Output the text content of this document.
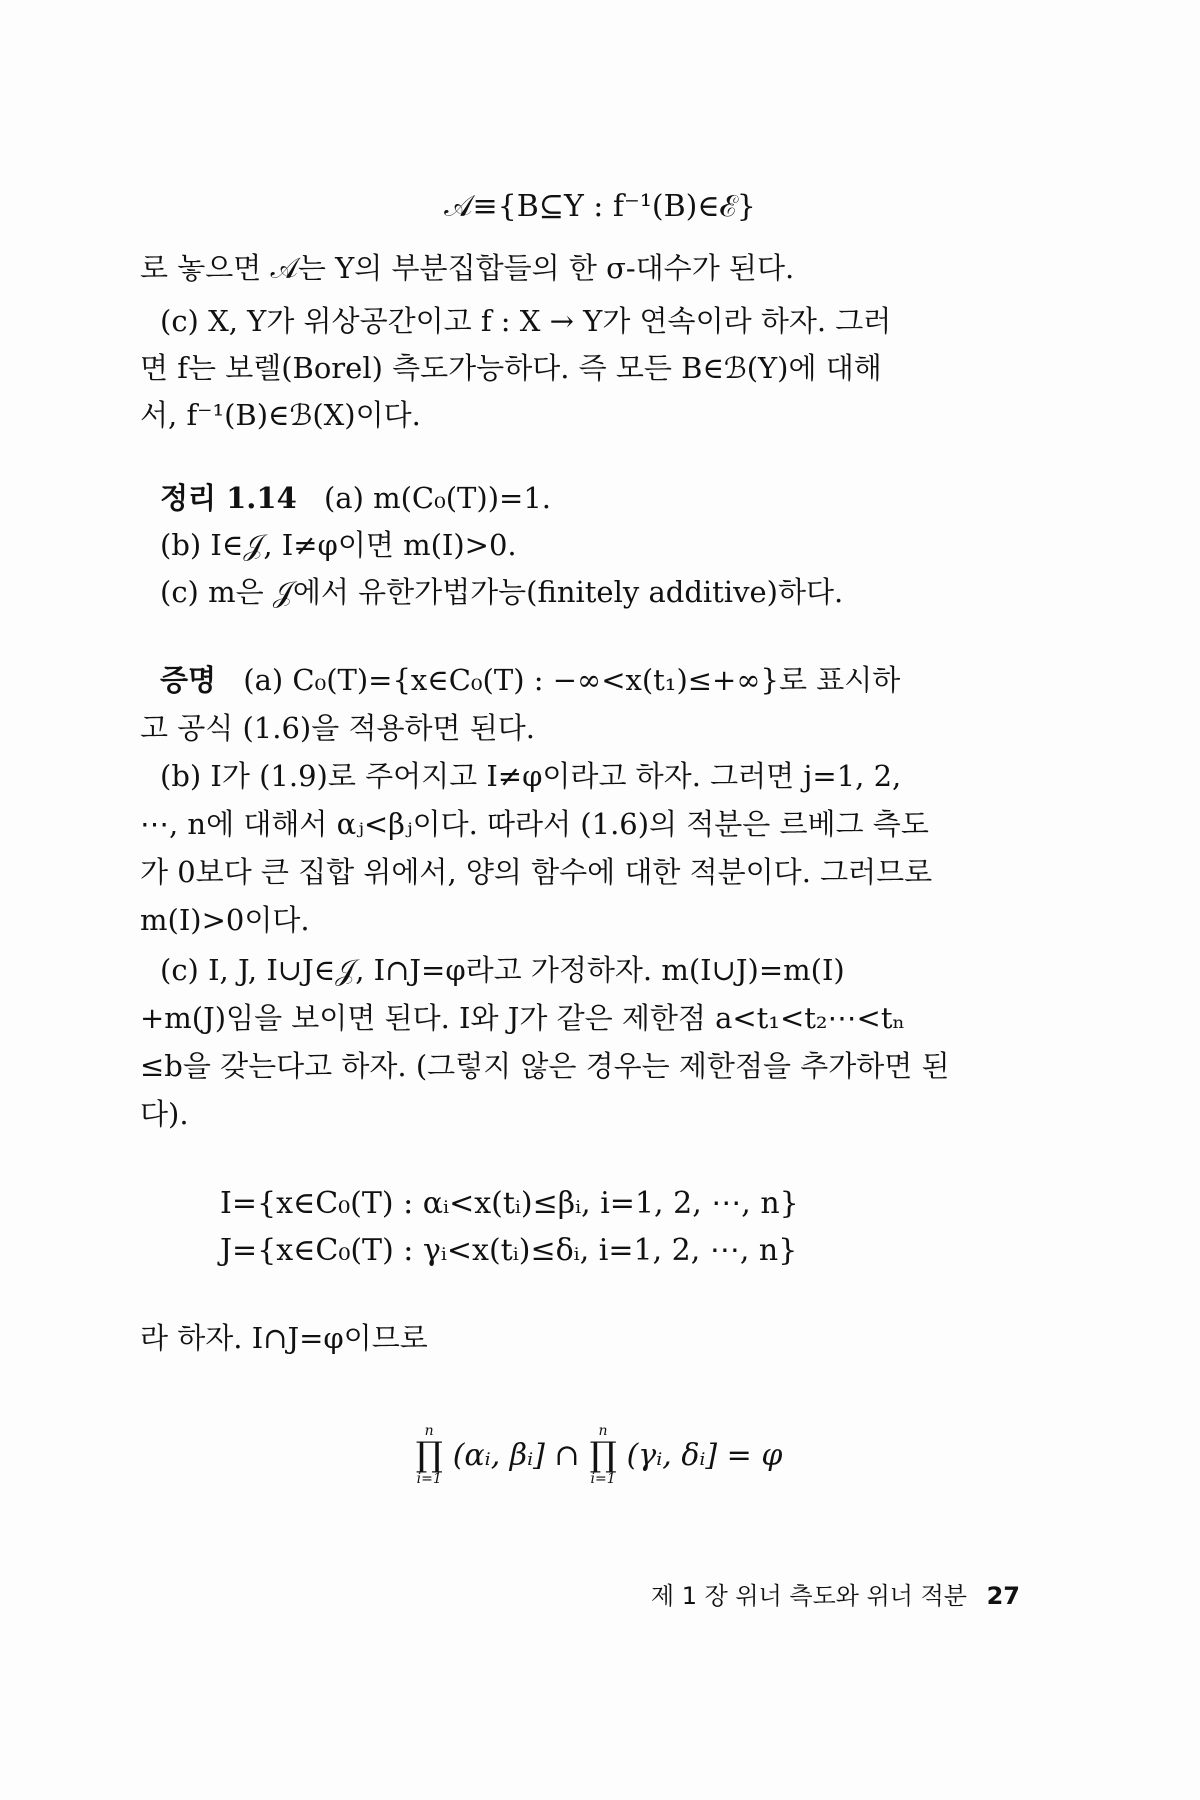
𝒜≡{B⊆Y : f⁻¹(B)∈ℰ}
로 놓으면 𝒜는 Y의 부분집합들의 한 σ-대수가 된다.
(c) X, Y가 위상공간이고 f : X → Y가 연속이라 하자. 그러
면 f는 보렐(Borel) 측도가능하다. 즉 모든 B∈ℬ(Y)에 대해
서, f⁻¹(B)∈ℬ(X)이다.
정리 1.14 (a) m(C₀(T))=1.
(b) I∈𝒥, I≠φ이면 m(I)>0.
(c) m은 𝒥에서 유한가법가능(finitely additive)하다.
증명 (a) C₀(T)={x∈C₀(T) : −∞<x(t₁)≤+∞}로 표시하
고 공식 (1.6)을 적용하면 된다.
(b) I가 (1.9)로 주어지고 I≠φ이라고 하자. 그러면 j=1, 2,
⋯, n에 대해서 αⱼ<βⱼ이다. 따라서 (1.6)의 적분은 르베그 측도
가 0보다 큰 집합 위에서, 양의 함수에 대한 적분이다. 그러므로
m(I)>0이다.
(c) I, J, I∪J∈𝒥, I∩J=φ라고 가정하자. m(I∪J)=m(I)
+m(J)임을 보이면 된다. I와 J가 같은 제한점 a<t₁<t₂⋯<tₙ
≤b을 갖는다고 하자. (그렇지 않은 경우는 제한점을 추가하면 된
다).
I={x∈C₀(T) : αᵢ<x(tᵢ)≤βᵢ, i=1, 2, ⋯, n}
J={x∈C₀(T) : γᵢ<x(tᵢ)≤δᵢ, i=1, 2, ⋯, n}
라 하자. I∩J=φ이므로
n
∏
i=1
(αᵢ, βᵢ] ∩
n
∏
i=1
(γᵢ, δᵢ] = φ
제 1 장 위너 측도와 위너 적분 27
